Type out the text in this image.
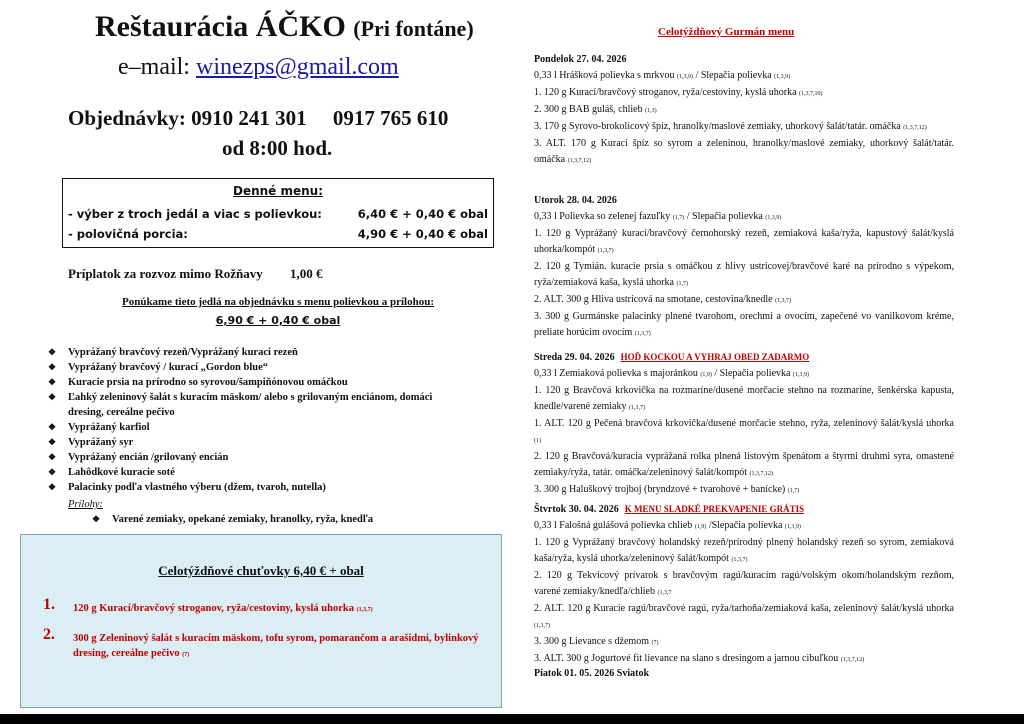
Reštaurácia ÁČKO (Pri fontáne)
e–mail: winezps@gmail.com
Objednávky: 0910 241 301 0917 765 610
od 8:00 hod.
Denné menu:
- výber z troch jedál a viac s polievkou:	6,40 € + 0,40 € obal
- polovičná porcia:	4,90 € + 0,40 € obal
Príplatok za rozvoz mimo Rožňavy 1,00 €
Ponúkame tieto jedlá na objednávku s menu polievkou a prílohou:
6,90 € + 0,40 € obal
❖ Vyprážaný bravčový rezeň/Vyprážaný kurací rezeň
❖ Vyprážaný bravčový / kurací „Gordon blue“
❖ Kuracie prsia na prírodno so syrovou/šampiňónovou omáčkou
❖ Ľahký zeleninový šalát s kuracím mäskom/ alebo s grilovaným enciánom, domáci
dresing, cereálne pečivo
❖ Vyprážaný karfiol
❖ Vyprážaný syr
❖ Vyprážaný encián /grilovaný encián
❖ Lahôdkové kuracie soté
❖ Palacinky podľa vlastného výberu (džem, tvaroh, nutella)
Prílohy:
❖ Varené zemiaky, opekané zemiaky, hranolky, ryža, knedľa
Celotýždňové chuťovky 6,40 € + obal
1. 120 g Kurací/bravčový stroganov, ryža/cestoviny, kyslá uhorka (1,3,7)
2. 300 g Zeleninový šalát s kuracím mäskom, tofu syrom, pomarančom a arašidmi, bylinkový dresing, cereálne pečivo (7)
Celotýždňový Gurmán menu
Pondelok 27. 04. 2026
0,33 l Hrášková polievka s mrkvou (1,3,9) / Slepačia polievka (1,3,9)
1. 120 g Kurací/bravčový stroganov, ryža/cestoviny, kyslá uhorka (1,3,7,10)
2. 300 g BAB guláš, chlieb (1,3)
3. 170 g Syrovo-brokolicový špíz, hranolky/maslové zemiaky, uhorkový šalát/tatár. omáčka (1,3,7,12)
3. ALT. 170 g Kurací špíz so syrom a zeleninou, hranolky/maslové zemiaky, uhorkový šalát/tatár. omáčka (1,3,7,12)
Utorok 28. 04. 2026
0,33 l Polievka so zelenej fazuľky (1,7) / Slepačia polievka (1,3,9)
1. 120 g Vyprážaný kurací/bravčový černohorský rezeň, zemiaková kaša/ryža, kapustový šalát/kyslá uhorka/kompót (1,3,7)
2. 120 g Tymián. kuracie prsia s omáčkou z hlivy ustricovej/bravčové karé na prírodno s výpekom, ryža/zemiaková kaša, kyslá uhorka (1,7)
2. ALT. 300 g Hliva ustricová na smotane, cestovina/knedle (1,3,7)
3. 300 g Gurmánske palacinky plnené tvarohom, orechmi a ovocím, zapečené vo vanilkovom kréme, preliate horúcim ovocím (1,3,7)
Streda 29. 04. 2026 HOĎ KOCKOU A VYHRAJ OBED ZADARMO
0,33 l Zemiaková polievka s majoránkou (1,9) / Slepačia polievka (1,3,9)
1. 120 g Bravčová krkovička na rozmaríne/dusené morčacie stehno na rozmaríne, šenkérska kapusta, knedle/varené zemiaky (1,3,7)
1. ALT. 120 g Pečená bravčová krkovička/dusené morčacie stehno, ryža, zeleninový šalát/kyslá uhorka (1)
2. 120 g Bravčová/kuracia vyprážaná rolka plnená listovým špenátom a štyrmi druhmi syra, omastené zemiaky/ryža, tatár. omáčka/zeleninový šalát/kompót (1,3,7,12)
3. 300 g Haluškový trojboj (bryndzové + tvarohové + baníckе) (1,7)
Štvrtok 30. 04. 2026 K MENU SLADKÉ PREKVAPENIE GRÁTIS
0,33 l Falošná gulášová polievka chlieb (1,9) /Slepačia polievka (1,3,9)
1. 120 g Vyprážaný bravčový holandský rezeň/prírodný plnený holandský rezeň so syrom, zemiaková kaša/ryža, kyslá uhorka/zeleninový šalát/kompót (1,3,7)
2. 120 g Tekvicový prívarok s bravčovým ragú/kuracím ragú/volským okom/holandským rezňom, varené zemiaky/knedľa/chlieb (1,3,7
2. ALT. 120 g Kuracie ragú/bravčové ragú, ryža/tarhoňa/zemiaková kaša, zeleninový šalát/kyslá uhorka (1,3,7)
3. 300 g Lievance s džemom (7)
3. ALT. 300 g Jogurtové fit lievance na slano s dresingom a jarnou cibuľkou (1,3,7,12)
Piatok 01. 05. 2026 Sviatok
